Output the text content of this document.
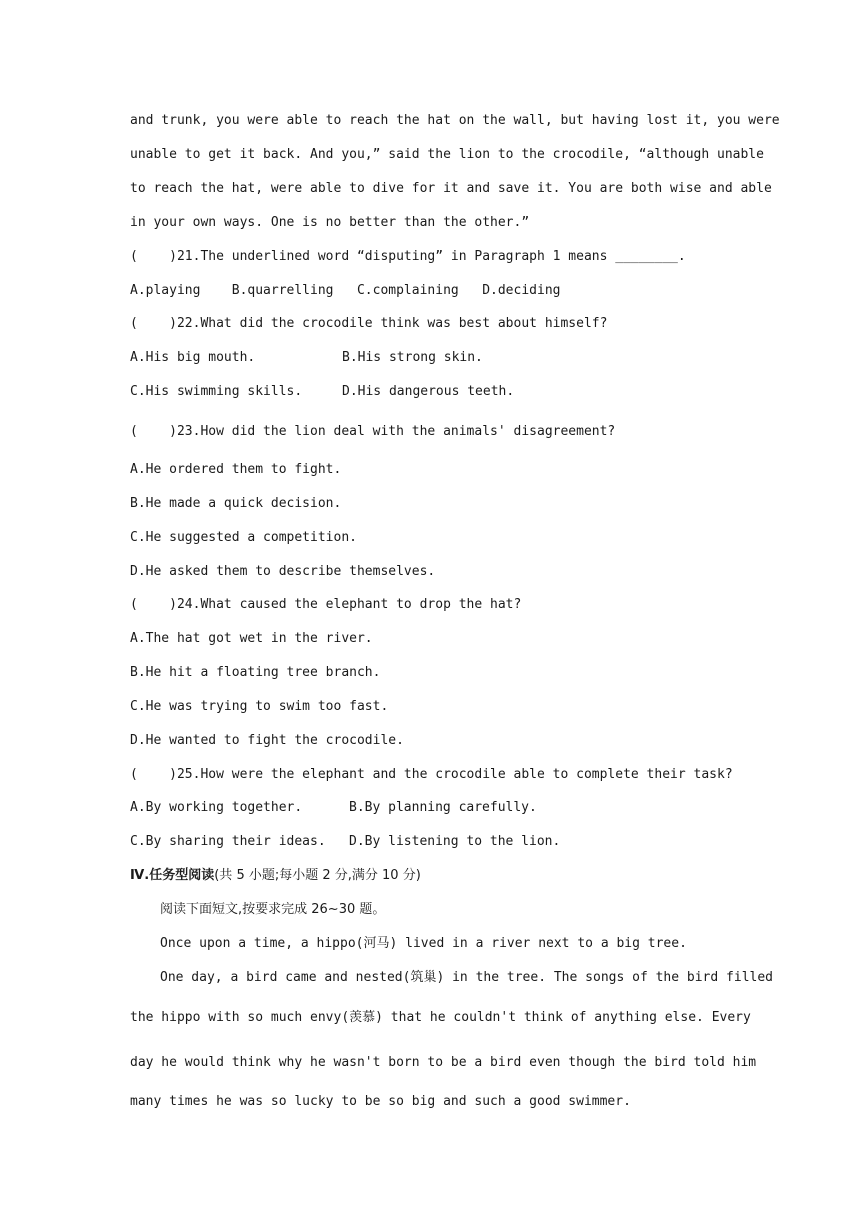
and trunk, you were able to reach the hat on the wall, but having lost it, you were
unable to get it back. And you,” said the lion to the crocodile, “although unable
to reach the hat, were able to dive for it and save it. You are both wise and able
in your own ways. One is no better than the other.”
(    )21.The underlined word “disputing” in Paragraph 1 means ________.
A.playing    B.quarrelling   C.complaining   D.deciding
(    )22.What did the crocodile think was best about himself?
A.His big mouth.	B.His strong skin.
C.His swimming skills.	D.His dangerous teeth.
(    )23.How did the lion deal with the animals' disagreement?
A.He ordered them to fight.
B.He made a quick decision.
C.He suggested a competition.
D.He asked them to describe themselves.
(    )24.What caused the elephant to drop the hat?
A.The hat got wet in the river.
B.He hit a floating tree branch.
C.He was trying to swim too fast.
D.He wanted to fight the crocodile.
(    )25.How were the elephant and the crocodile able to complete their task?
A.By working together.	B.By planning carefully.
C.By sharing their ideas. D.By listening to the lion.
Ⅳ.任务型阅读(共 5 小题;每小题 2 分,满分 10 分)
阅读下面短文,按要求完成 26~30 题。
Once upon a time, a hippo(河马) lived in a river next to a big tree.
One day, a bird came and nested(筑巢) in the tree. The songs of the bird filled
the hippo with so much envy(羡慕) that he couldn't think of anything else. Every
day he would think why he wasn't born to be a bird even though the bird told him
many times he was so lucky to be so big and such a good swimmer.
